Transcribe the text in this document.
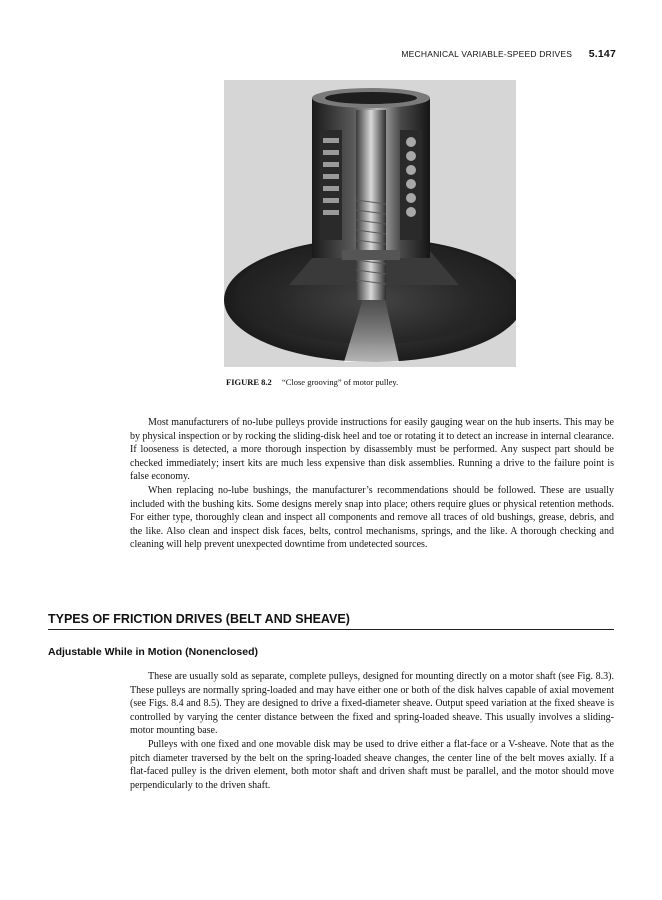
MECHANICAL VARIABLE-SPEED DRIVES 5.147
FIGURE 8.2 “Close grooving” of motor pulley.

Most manufacturers of no-lube pulleys provide instructions for easily gauging wear on the hub inserts. This may be by physical inspection or by rocking the sliding-disk heel and toe or rotating it to detect an increase in internal clearance. If looseness is detected, a more thorough inspection by disassembly must be performed. Any suspect part should be checked immediately; insert kits are much less expensive than disk assemblies. Running a drive to the failure point is false economy.

When replacing no-lube bushings, the manufacturer’s recommendations should be followed. These are usually included with the bushing kits. Some designs merely snap into place; others require glues or physical retention methods. For either type, thoroughly clean and inspect all components and remove all traces of old bushings, grease, debris, and the like. Also clean and inspect disk faces, belts, control mechanisms, springs, and the like. A thorough checking and cleaning will help prevent unexpected downtime from undetected sources.

TYPES OF FRICTION DRIVES (BELT AND SHEAVE)
Adjustable While in Motion (Nonenclosed)

These are usually sold as separate, complete pulleys, designed for mounting directly on a motor shaft (see Fig. 8.3). These pulleys are normally spring-loaded and may have either one or both of the disk halves capable of axial movement (see Figs. 8.4 and 8.5). They are designed to drive a fixed-diameter sheave. Output speed variation at the fixed sheave is controlled by varying the center distance between the fixed and spring-loaded sheave. This usually involves a sliding-motor mounting base.

Pulleys with one fixed and one movable disk may be used to drive either a flat-face or a V-sheave. Note that as the pitch diameter traversed by the belt on the spring-loaded sheave changes, the center line of the belt moves axially. If a flat-faced pulley is the driven element, both motor shaft and driven shaft must be parallel, and the motor should move perpendicularly to the driven shaft.
